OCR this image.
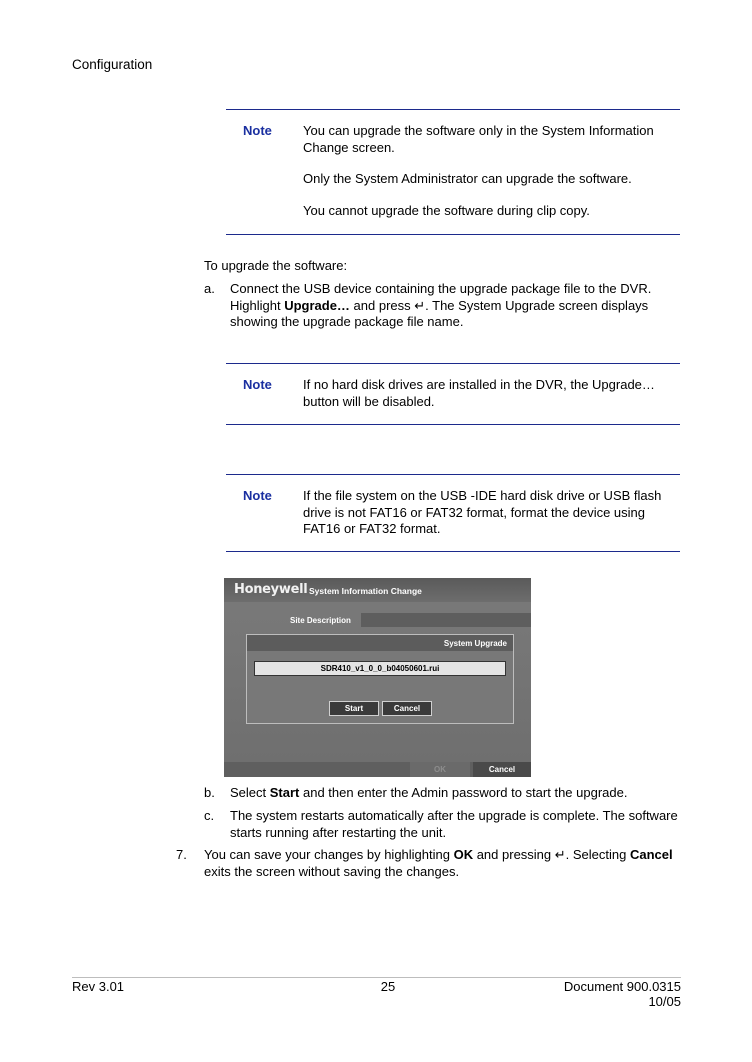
Configuration
Note You can upgrade the software only in the System Information Change screen.
Only the System Administrator can upgrade the software.
You cannot upgrade the software during clip copy.
To upgrade the software:
a. Connect the USB device containing the upgrade package file to the DVR. Highlight Upgrade… and press ↵. The System Upgrade screen displays showing the upgrade package file name.
Note If no hard disk drives are installed in the DVR, the Upgrade… button will be disabled.
Note If the file system on the USB -IDE hard disk drive or USB flash drive is not FAT16 or FAT32 format, format the device using FAT16 or FAT32 format.
Honeywell System Information Change
Site Description
System Upgrade
SDR410_v1_0_0_b04050601.rui
Start	Cancel
OK	Cancel
b. Select Start and then enter the Admin password to start the upgrade.
c. The system restarts automatically after the upgrade is complete. The software starts running after restarting the unit.
7. You can save your changes by highlighting OK and pressing ↵. Selecting Cancel exits the screen without saving the changes.
Rev 3.01	25	Document 900.0315
10/05
